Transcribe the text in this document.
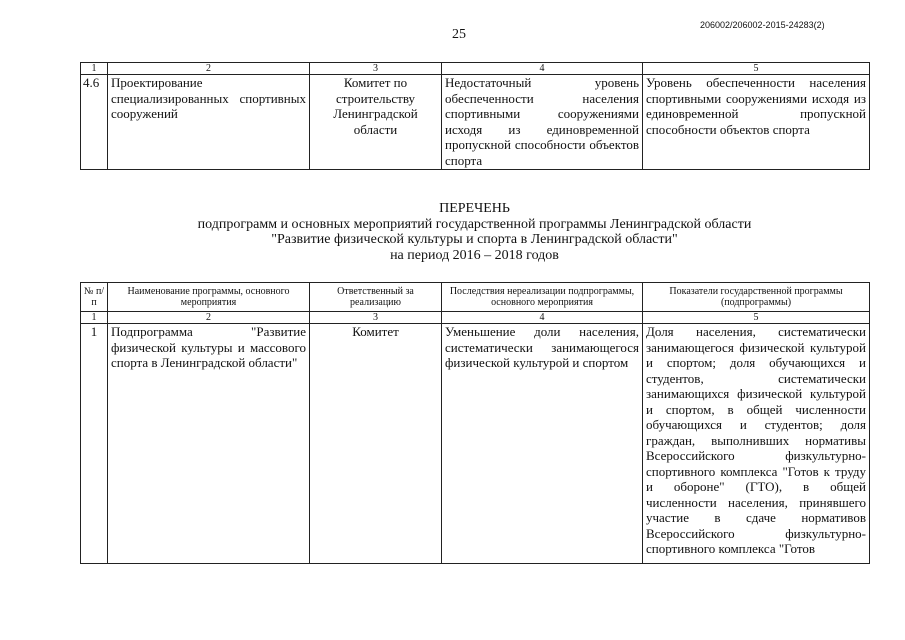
25
206002/206002-2015-24283(2)
1	2	3	4	5
4.6	Проектирование специализированных спортивных сооружений	Комитет по строительству Ленинградской области	Недостаточный уровень обеспеченности населения спортивными сооружениями исходя из единовременной пропускной способности объектов спорта	Уровень обеспеченности населения спортивными сооружениями исходя из единовременной пропускной способности объектов спорта
ПЕРЕЧЕНЬ
подпрограмм и основных мероприятий государственной программы Ленинградской области
"Развитие физической культуры и спорта в Ленинградской области"
на период 2016 – 2018 годов
№ п/п	Наименование программы, основного мероприятия	Ответственный за реализацию	Последствия нереализации подпрограммы, основного мероприятия	Показатели государственной программы (подпрограммы)
1	2	3	4	5
1	Подпрограмма "Развитие физической культуры и массового спорта в Ленинградской области"	Комитет	Уменьшение доли населения, систематически занимающегося физической культурой и спортом	Доля населения, систематически занимающегося физической культурой и спортом; доля обучающихся и студентов, систематически занимающихся физической культурой и спортом, в общей численности обучающихся и студентов; доля граждан, выполнивших нормативы Всероссийского физкультурно-спортивного комплекса "Готов к труду и обороне" (ГТО), в общей численности населения, принявшего участие в сдаче нормативов Всероссийского физкультурно-спортивного комплекса "Готов
